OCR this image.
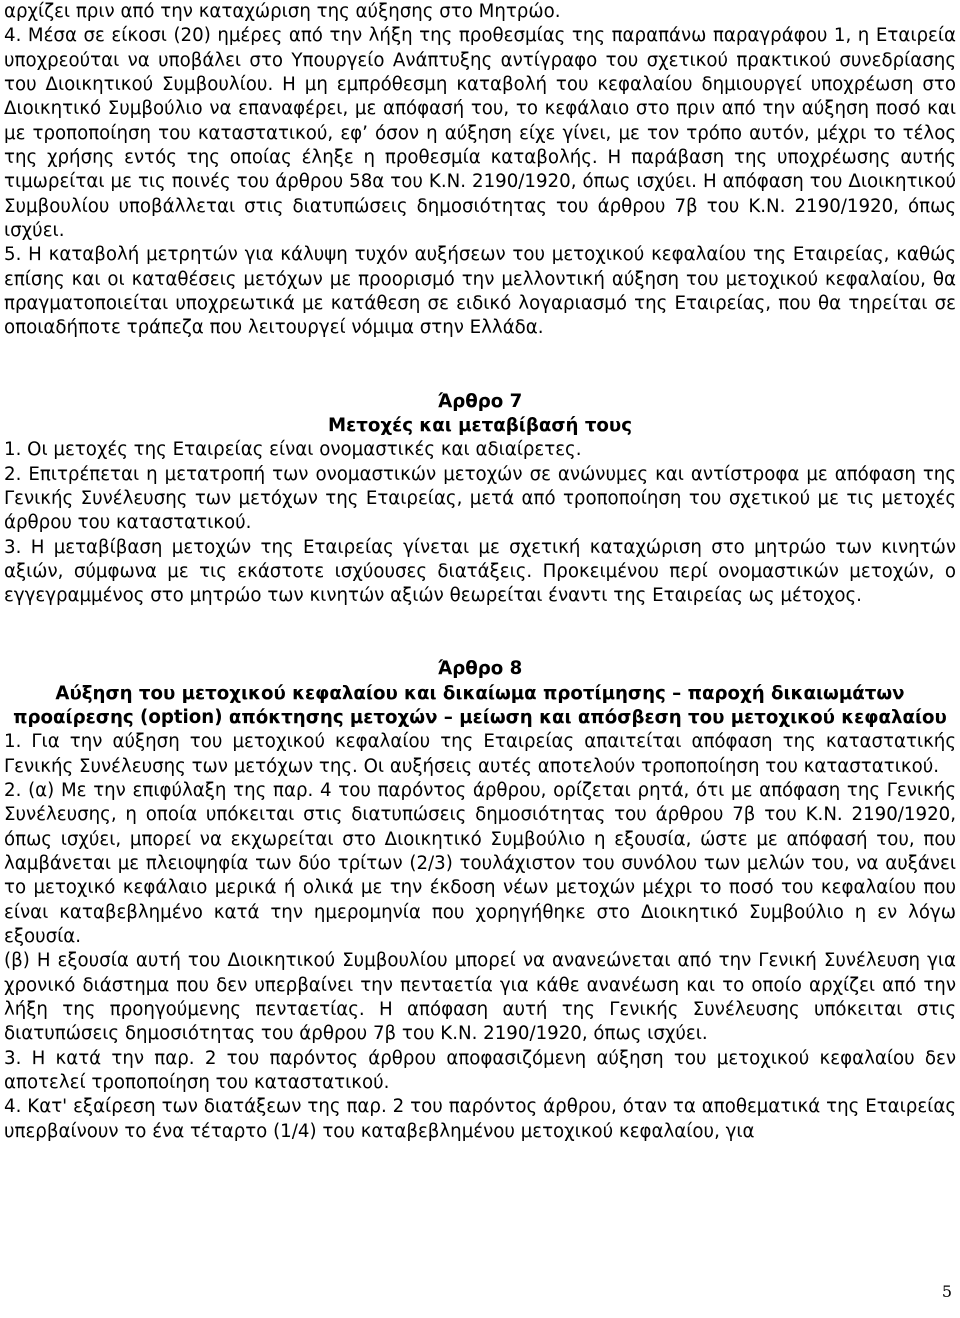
αρχίζει πριν από την καταχώριση της αύξησης στο Μητρώο.

4. Μέσα σε είκοσι (20) ημέρες από την λήξη της προθεσμίας της παραπάνω παραγράφου 1, η Εταιρεία υποχρεούται να υποβάλει στο Υπουργείο Ανάπτυξης αντίγραφο του σχετικού πρακτικού συνεδρίασης του Διοικητικού Συμβουλίου. Η μη εμπρόθεσμη καταβολή του κεφαλαίου δημιουργεί υποχρέωση στο Διοικητικό Συμβούλιο να επαναφέρει, με απόφασή του, το κεφάλαιο στο πριν από την αύξηση ποσό και με τροποποίηση του καταστατικού, εφ’ όσον η αύξηση είχε γίνει, με τον τρόπο αυτόν, μέχρι το τέλος της χρήσης εντός της οποίας έληξε η προθεσμία καταβολής. Η παράβαση της υποχρέωσης αυτής τιμωρείται με τις ποινές του άρθρου 58α του Κ.Ν. 2190/1920, όπως ισχύει. Η απόφαση του Διοικητικού Συμβουλίου υποβάλλεται στις διατυπώσεις δημοσιότητας του άρθρου 7β του Κ.Ν. 2190/1920, όπως ισχύει.

5. Η καταβολή μετρητών για κάλυψη τυχόν αυξήσεων του μετοχικού κεφαλαίου της Εταιρείας, καθώς επίσης και οι καταθέσεις μετόχων με προορισμό την μελλοντική αύξηση του μετοχικού κεφαλαίου, θα πραγματοποιείται υποχρεωτικά με κατάθεση σε ειδικό λογαριασμό της Εταιρείας, που θα τηρείται σε οποιαδήποτε τράπεζα που λειτουργεί νόμιμα στην Ελλάδα.

Άρθρο 7

Μετοχές και μεταβίβασή τους

1. Οι μετοχές της Εταιρείας είναι ονομαστικές και αδιαίρετες.

2. Επιτρέπεται η μετατροπή των ονομαστικών μετοχών σε ανώνυμες και αντίστροφα με απόφαση της Γενικής Συνέλευσης των μετόχων της Εταιρείας, μετά από τροποποίηση του σχετικού με τις μετοχές άρθρου του καταστατικού.

3. Η μεταβίβαση μετοχών της Εταιρείας γίνεται με σχετική καταχώριση στο μητρώο των κινητών αξιών, σύμφωνα με τις εκάστοτε ισχύουσες διατάξεις. Προκειμένου περί ονομαστικών μετοχών, ο εγγεγραμμένος στο μητρώο των κινητών αξιών θεωρείται έναντι της Εταιρείας ως μέτοχος.

Άρθρο 8

Αύξηση του μετοχικού κεφαλαίου και δικαίωμα προτίμησης – παροχή δικαιωμάτων προαίρεσης (option) απόκτησης μετοχών – μείωση και απόσβεση του μετοχικού κεφαλαίου

1. Για την αύξηση του μετοχικού κεφαλαίου της Εταιρείας απαιτείται απόφαση της καταστατικής Γενικής Συνέλευσης των μετόχων της. Οι αυξήσεις αυτές αποτελούν τροποποίηση του καταστατικού.

2. (α) Με την επιφύλαξη της παρ. 4 του παρόντος άρθρου, ορίζεται ρητά, ότι με απόφαση της Γενικής Συνέλευσης, η οποία υπόκειται στις διατυπώσεις δημοσιότητας του άρθρου 7β του Κ.Ν. 2190/1920, όπως ισχύει, μπορεί να εκχωρείται στο Διοικητικό Συμβούλιο η εξουσία, ώστε με απόφασή του, που λαμβάνεται με πλειοψηφία των δύο τρίτων (2/3) τουλάχιστον του συνόλου των μελών του, να αυξάνει το μετοχικό κεφάλαιο μερικά ή ολικά με την έκδοση νέων μετοχών μέχρι το ποσό του κεφαλαίου που είναι καταβεβλημένο κατά την ημερομηνία που χορηγήθηκε στο Διοικητικό Συμβούλιο η εν λόγω εξουσία.

(β) Η εξουσία αυτή του Διοικητικού Συμβουλίου μπορεί να ανανεώνεται από την Γενική Συνέλευση για χρονικό διάστημα που δεν υπερβαίνει την πενταετία για κάθε ανανέωση και το οποίο αρχίζει από την λήξη της προηγούμενης πενταετίας. Η απόφαση αυτή της Γενικής Συνέλευσης υπόκειται στις διατυπώσεις δημοσιότητας του άρθρου 7β του Κ.Ν. 2190/1920, όπως ισχύει.

3. Η κατά την παρ. 2 του παρόντος άρθρου αποφασιζόμενη αύξηση του μετοχικού κεφαλαίου δεν αποτελεί τροποποίηση του καταστατικού.

4. Κατ' εξαίρεση των διατάξεων της παρ. 2 του παρόντος άρθρου, όταν τα αποθεματικά της Εταιρείας υπερβαίνουν το ένα τέταρτο (1/4) του καταβεβλημένου μετοχικού κεφαλαίου, για

5
